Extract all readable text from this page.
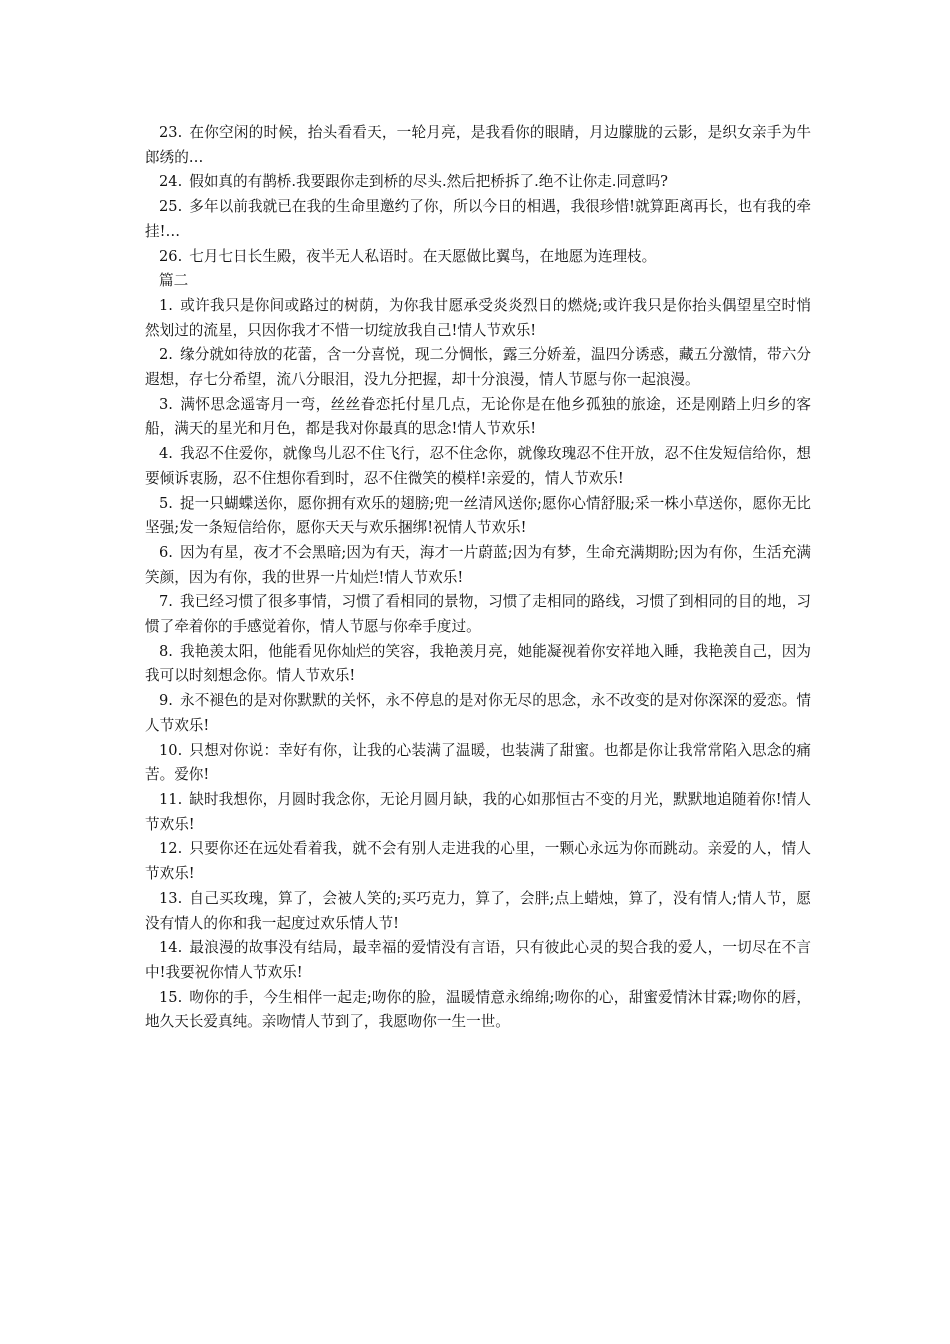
23. 在你空闲的时候，抬头看看天，一轮月亮，是我看你的眼睛，月边朦胧的云影，是织女亲手为牛郎绣的…

24. 假如真的有鹊桥.我要跟你走到桥的尽头.然后把桥拆了.绝不让你走.同意吗?

25. 多年以前我就已在我的生命里邀约了你，所以今日的相遇，我很珍惜!就算距离再长，也有我的牵挂!…

26. 七月七日长生殿，夜半无人私语时。在天愿做比翼鸟，在地愿为连理枝。

篇二

1. 或许我只是你间或路过的树荫，为你我甘愿承受炎炎烈日的燃烧;或许我只是你抬头偶望星空时悄然划过的流星，只因你我才不惜一切绽放我自己!情人节欢乐!

2. 缘分就如待放的花蕾，含一分喜悦，现二分惆怅，露三分娇羞，温四分诱惑，藏五分激情，带六分遐想，存七分希望，流八分眼泪，没九分把握，却十分浪漫，情人节愿与你一起浪漫。

3. 满怀思念遥寄月一弯，丝丝眷恋托付星几点，无论你是在他乡孤独的旅途，还是刚踏上归乡的客船，满天的星光和月色，都是我对你最真的思念!情人节欢乐!

4. 我忍不住爱你，就像鸟儿忍不住飞行，忍不住念你，就像玫瑰忍不住开放，忍不住发短信给你，想要倾诉衷肠，忍不住想你看到时，忍不住微笑的模样!亲爱的，情人节欢乐!

5. 捉一只蝴蝶送你，愿你拥有欢乐的翅膀;兜一丝清风送你;愿你心情舒服;采一株小草送你，愿你无比坚强;发一条短信给你，愿你天天与欢乐捆绑!祝情人节欢乐!

6. 因为有星，夜才不会黑暗;因为有天，海才一片蔚蓝;因为有梦，生命充满期盼;因为有你，生活充满笑颜，因为有你，我的世界一片灿烂!情人节欢乐!

7. 我已经习惯了很多事情，习惯了看相同的景物，习惯了走相同的路线，习惯了到相同的目的地，习惯了牵着你的手感觉着你，情人节愿与你牵手度过。

8. 我艳羡太阳，他能看见你灿烂的笑容，我艳羡月亮，她能凝视着你安祥地入睡，我艳羡自己，因为我可以时刻想念你。情人节欢乐!

9. 永不褪色的是对你默默的关怀，永不停息的是对你无尽的思念，永不改变的是对你深深的爱恋。情人节欢乐!

10. 只想对你说：幸好有你，让我的心装满了温暖，也装满了甜蜜。也都是你让我常常陷入思念的痛苦。爱你!

11. 缺时我想你，月圆时我念你，无论月圆月缺，我的心如那恒古不变的月光，默默地追随着你!情人节欢乐!

12. 只要你还在远处看着我，就不会有别人走进我的心里，一颗心永远为你而跳动。亲爱的人，情人节欢乐!

13. 自己买玫瑰，算了，会被人笑的;买巧克力，算了，会胖;点上蜡烛，算了，没有情人;情人节，愿没有情人的你和我一起度过欢乐情人节!

14. 最浪漫的故事没有结局，最幸福的爱情没有言语，只有彼此心灵的契合我的爱人，一切尽在不言中!我要祝你情人节欢乐!

15. 吻你的手，今生相伴一起走;吻你的脸，温暖情意永绵绵;吻你的心，甜蜜爱情沐甘霖;吻你的唇，地久天长爱真纯。亲吻情人节到了，我愿吻你一生一世。
